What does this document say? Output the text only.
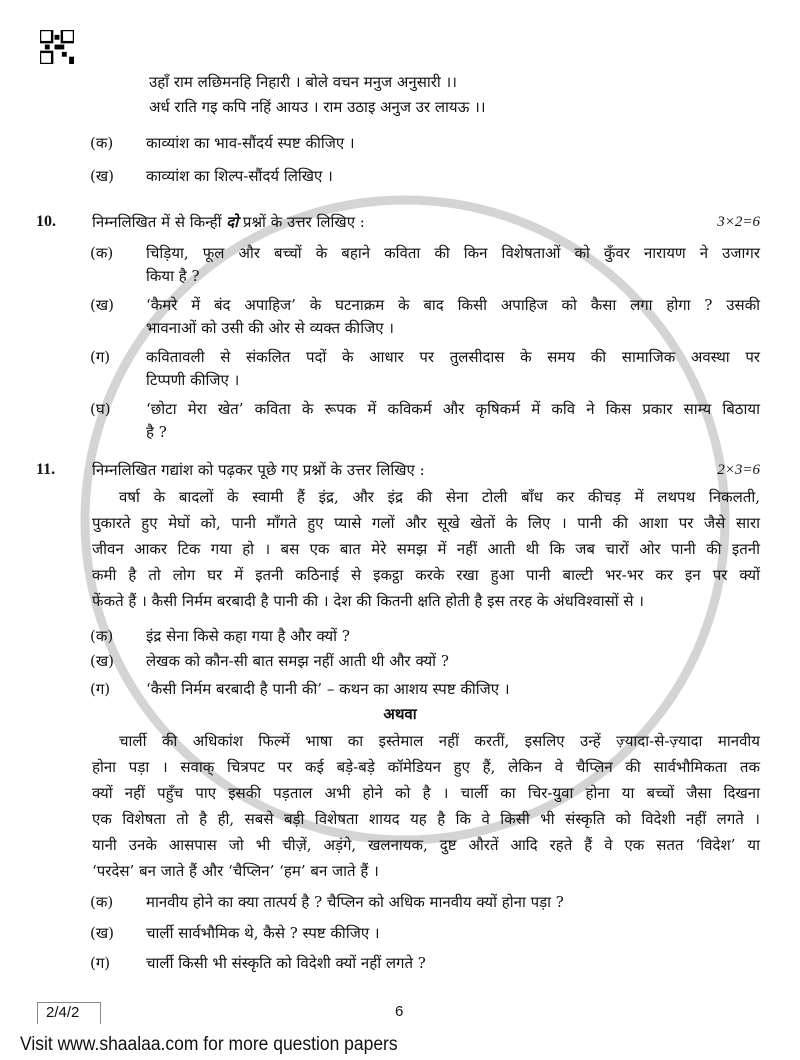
उहाँ राम लछिमनहि निहारी । बोले वचन मनुज अनुसारी ।।
अर्ध राति गइ कपि नहिं आयउ । राम उठाइ अनुज उर लायऊ ।।
(क) काव्यांश का भाव-सौंदर्य स्पष्ट कीजिए ।
(ख) काव्यांश का शिल्प-सौंदर्य लिखिए ।
10. निम्नलिखित में से किन्हीं दो प्रश्नों के उत्तर लिखिए :	3×2=6
(क) चिड़िया, फूल और बच्चों के बहाने कविता की किन विशेषताओं को कुँवर नारायण ने उजागर
किया है ?
(ख) ‘कैमरे में बंद अपाहिज’ के घटनाक्रम के बाद किसी अपाहिज को कैसा लगा होगा ? उसकी
भावनाओं को उसी की ओर से व्यक्त कीजिए ।
(ग) कवितावली से संकलित पदों के आधार पर तुलसीदास के समय की सामाजिक अवस्था पर
टिप्पणी कीजिए ।
(घ) ‘छोटा मेरा खेत’ कविता के रूपक में कविकर्म और कृषिकर्म में कवि ने किस प्रकार साम्य बिठाया
है ?
11. निम्नलिखित गद्यांश को पढ़कर पूछे गए प्रश्नों के उत्तर लिखिए :	2×3=6
वर्षा के बादलों के स्वामी हैं इंद्र, और इंद्र की सेना टोली बाँध कर कीचड़ में लथपथ निकलती,
पुकारते हुए मेघों को, पानी माँगते हुए प्यासे गलों और सूखे खेतों के लिए । पानी की आशा पर जैसे सारा
जीवन आकर टिक गया हो । बस एक बात मेरे समझ में नहीं आती थी कि जब चारों ओर पानी की इतनी
कमी है तो लोग घर में इतनी कठिनाई से इकट्ठा करके रखा हुआ पानी बाल्टी भर-भर कर इन पर क्यों
फेंकते हैं । कैसी निर्मम बरबादी है पानी की । देश की कितनी क्षति होती है इस तरह के अंधविश्वासों से ।
(क) इंद्र सेना किसे कहा गया है और क्यों ?
(ख) लेखक को कौन-सी बात समझ नहीं आती थी और क्यों ?
(ग) ‘कैसी निर्मम बरबादी है पानी की’ – कथन का आशय स्पष्ट कीजिए ।
अथवा
चार्ली की अधिकांश फिल्में भाषा का इस्तेमाल नहीं करतीं, इसलिए उन्हें ज़्यादा-से-ज़्यादा मानवीय
होना पड़ा । सवाक् चित्रपट पर कई बड़े-बड़े कॉमेडियन हुए हैं, लेकिन वे चैप्लिन की सार्वभौमिकता तक
क्यों नहीं पहुँच पाए इसकी पड़ताल अभी होने को है । चार्ली का चिर-युवा होना या बच्चों जैसा दिखना
एक विशेषता तो है ही, सबसे बड़ी विशेषता शायद यह है कि वे किसी भी संस्कृति को विदेशी नहीं लगते ।
यानी उनके आसपास जो भी चीज़ें, अड़ंगे, खलनायक, दुष्ट औरतें आदि रहते हैं वे एक सतत ‘विदेश’ या
‘परदेस’ बन जाते हैं और ‘चैप्लिन’ ‘हम’ बन जाते हैं ।
(क) मानवीय होने का क्या तात्पर्य है ? चैप्लिन को अधिक मानवीय क्यों होना पड़ा ?
(ख) चार्ली सार्वभौमिक थे, कैसे ? स्पष्ट कीजिए ।
(ग) चार्ली किसी भी संस्कृति को विदेशी क्यों नहीं लगते ?
2/4/2	6
Visit www.shaalaa.com for more question papers
